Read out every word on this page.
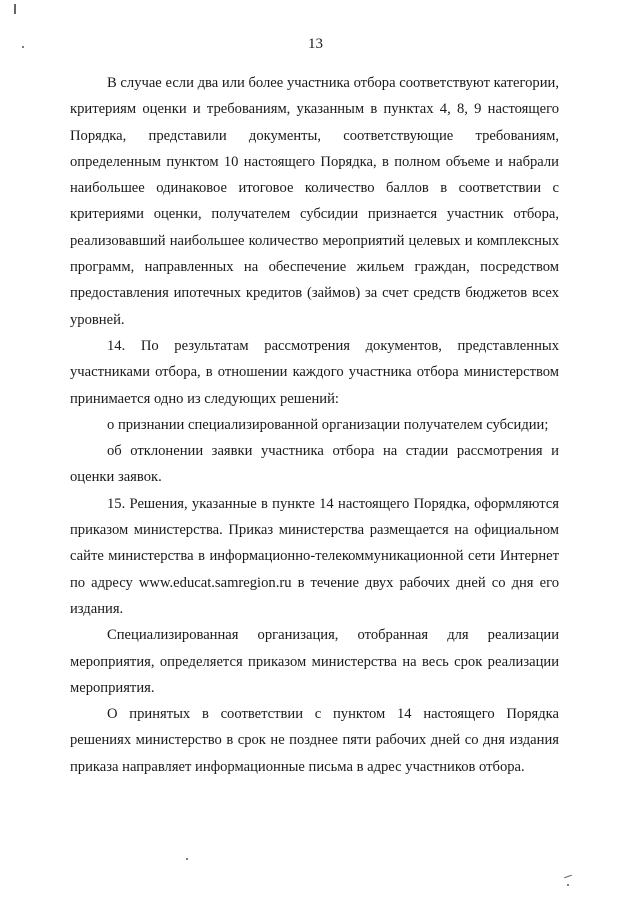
13

В случае если два или более участника отбора соответствуют категории, критериям оценки и требованиям, указанным в пунктах 4, 8, 9 настоящего Порядка, представили документы, соответствующие требованиям, определенным пунктом 10 настоящего Порядка, в полном объеме и набрали наибольшее одинаковое итоговое количество баллов в соответствии с критериями оценки, получателем субсидии признается участник отбора, реализовавший наибольшее количество мероприятий целевых и комплексных программ, направленных на обеспечение жильем граждан, посредством предоставления ипотечных кредитов (займов) за счет средств бюджетов всех уровней.

14. По результатам рассмотрения документов, представленных участниками отбора, в отношении каждого участника отбора министерством принимается одно из следующих решений:

о признании специализированной организации получателем субсидии;

об отклонении заявки участника отбора на стадии рассмотрения и оценки заявок.

15. Решения, указанные в пункте 14 настоящего Порядка, оформляются приказом министерства. Приказ министерства размещается на официальном сайте министерства в информационно-телекоммуникационной сети Интернет по адресу www.educat.samregion.ru в течение двух рабочих дней со дня его издания.

Специализированная организация, отобранная для реализации мероприятия, определяется приказом министерства на весь срок реализации мероприятия.

О принятых в соответствии с пунктом 14 настоящего Порядка решениях министерство в срок не позднее пяти рабочих дней со дня издания приказа направляет информационные письма в адрес участников отбора.
